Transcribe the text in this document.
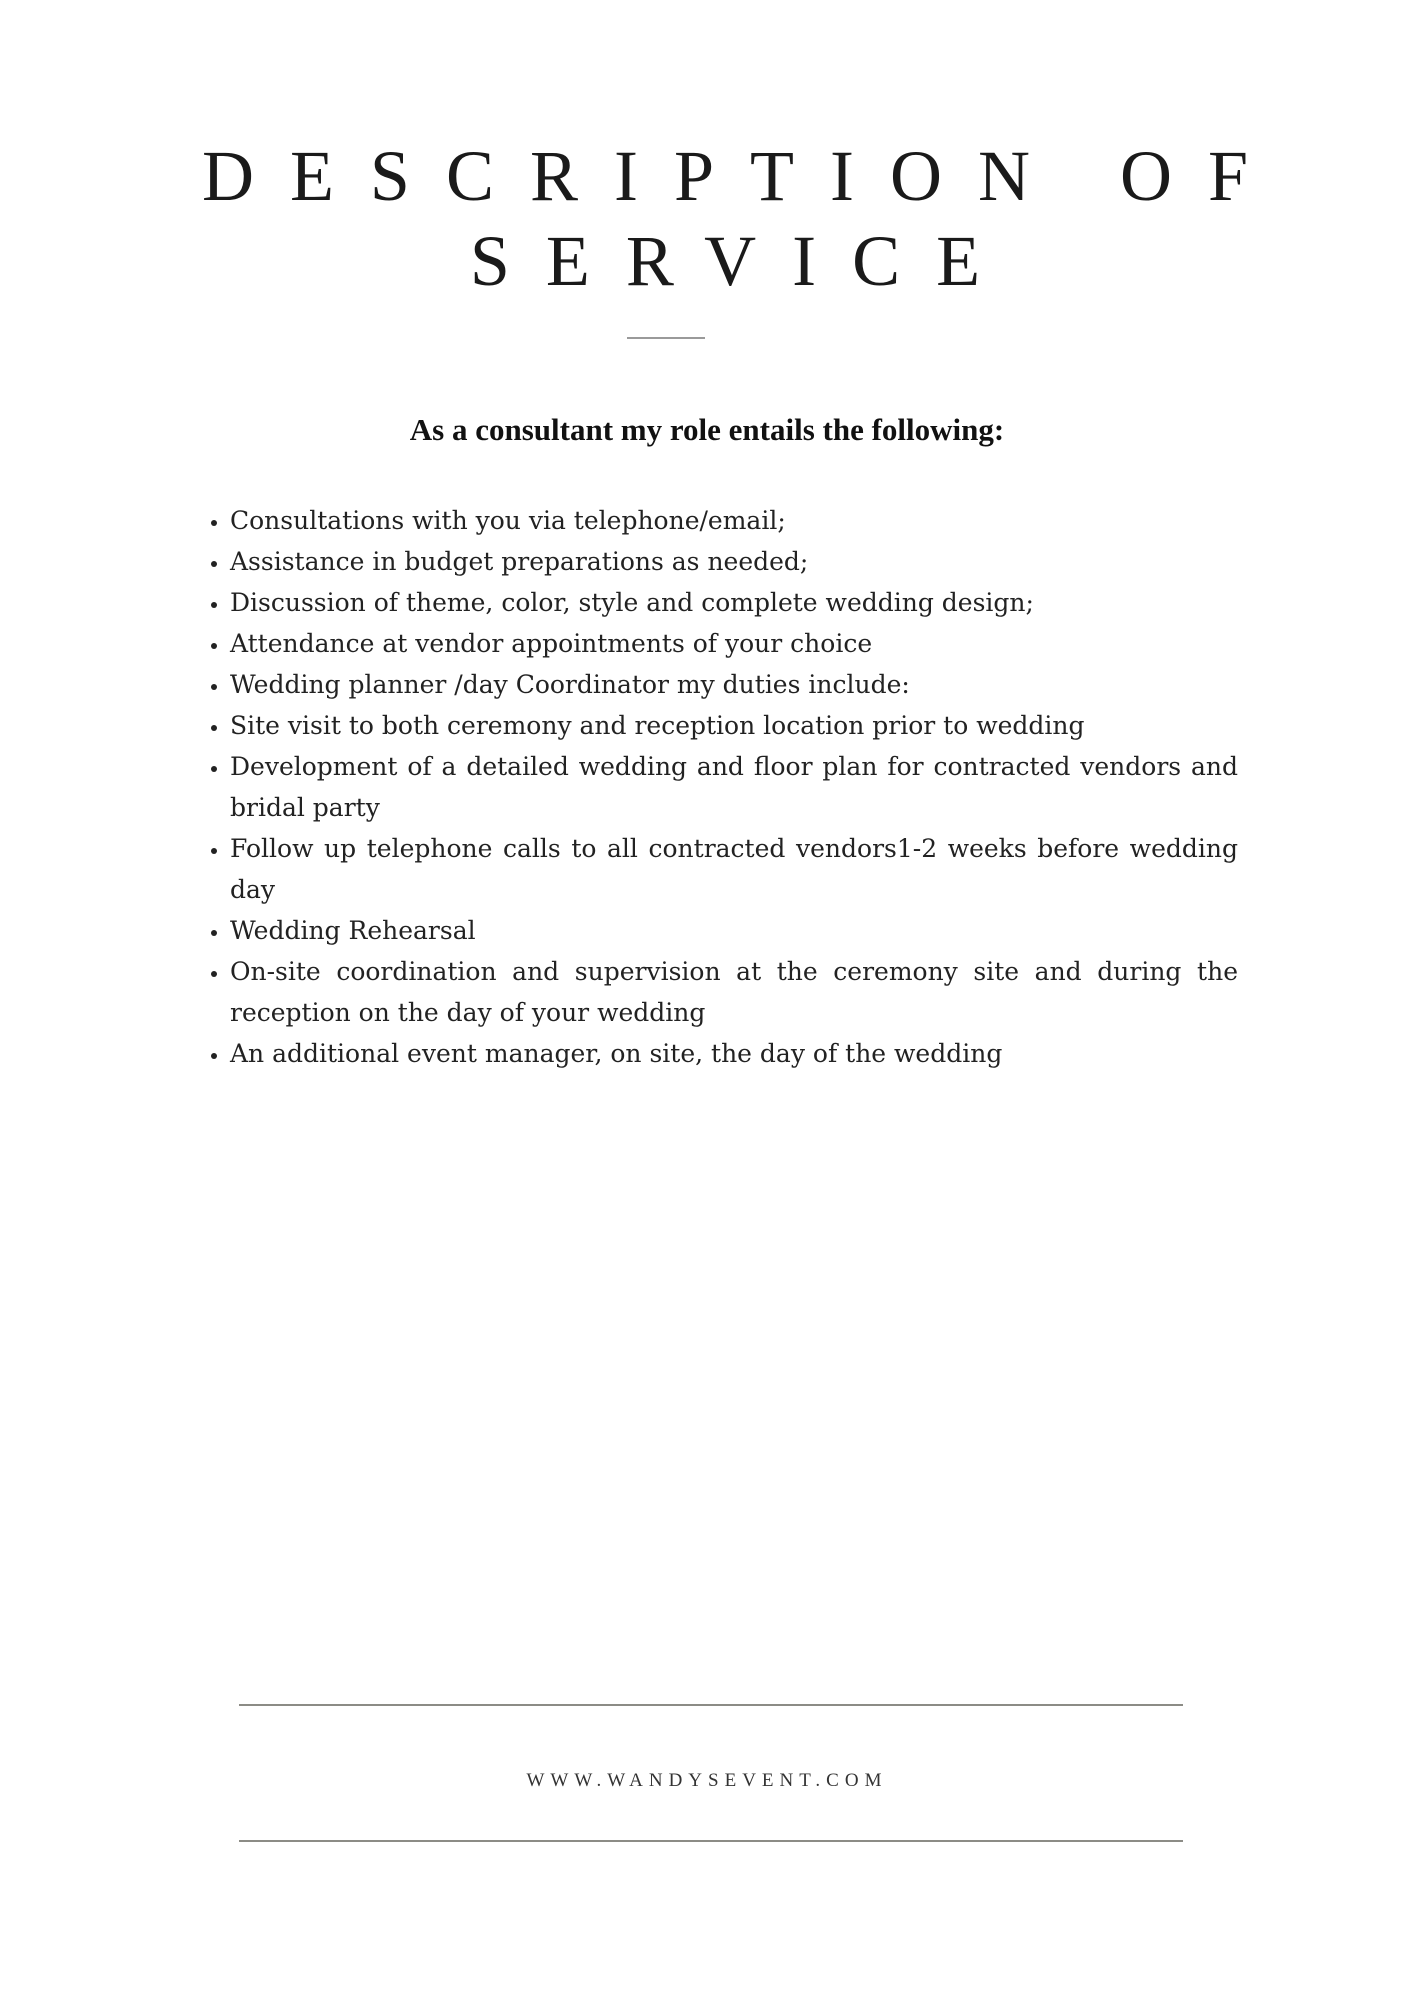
DESCRIPTION OF
SERVICE

As a consultant my role entails the following:

• Consultations with you via telephone/email;
• Assistance in budget preparations as needed;
• Discussion of theme, color, style and complete wedding design;
• Attendance at vendor appointments of your choice
• Wedding planner /day Coordinator my duties include:
• Site visit to both ceremony and reception location prior to wedding
• Development of a detailed wedding and floor plan for contracted vendors and bridal party
• Follow up telephone calls to all contracted vendors1-2 weeks before wedding day
• Wedding Rehearsal
• On-site coordination and supervision at the ceremony site and during the reception on the day of your wedding
• An additional event manager, on site, the day of the wedding

WWW.WANDYSEVENT.COM
